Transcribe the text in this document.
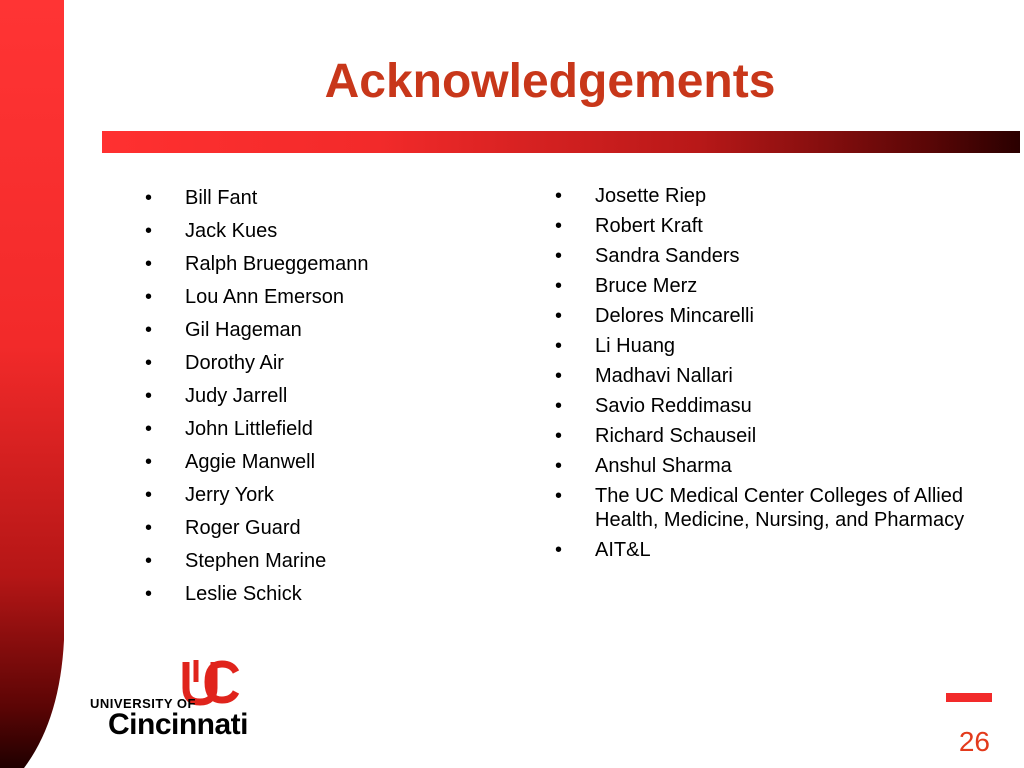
Acknowledgements
• Bill Fant
• Jack Kues
• Ralph Brueggemann
• Lou Ann Emerson
• Gil Hageman
• Dorothy Air
• Judy Jarrell
• John Littlefield
• Aggie Manwell
• Jerry York
• Roger Guard
• Stephen Marine
• Leslie Schick
• Josette Riep
• Robert Kraft
• Sandra Sanders
• Bruce Merz
• Delores Mincarelli
• Li Huang
• Madhavi Nallari
• Savio Reddimasu
• Richard Schauseil
• Anshul Sharma
• The UC Medical Center Colleges of Allied Health, Medicine, Nursing, and Pharmacy
• AIT&L
UNIVERSITY OF
Cincinnati
26
